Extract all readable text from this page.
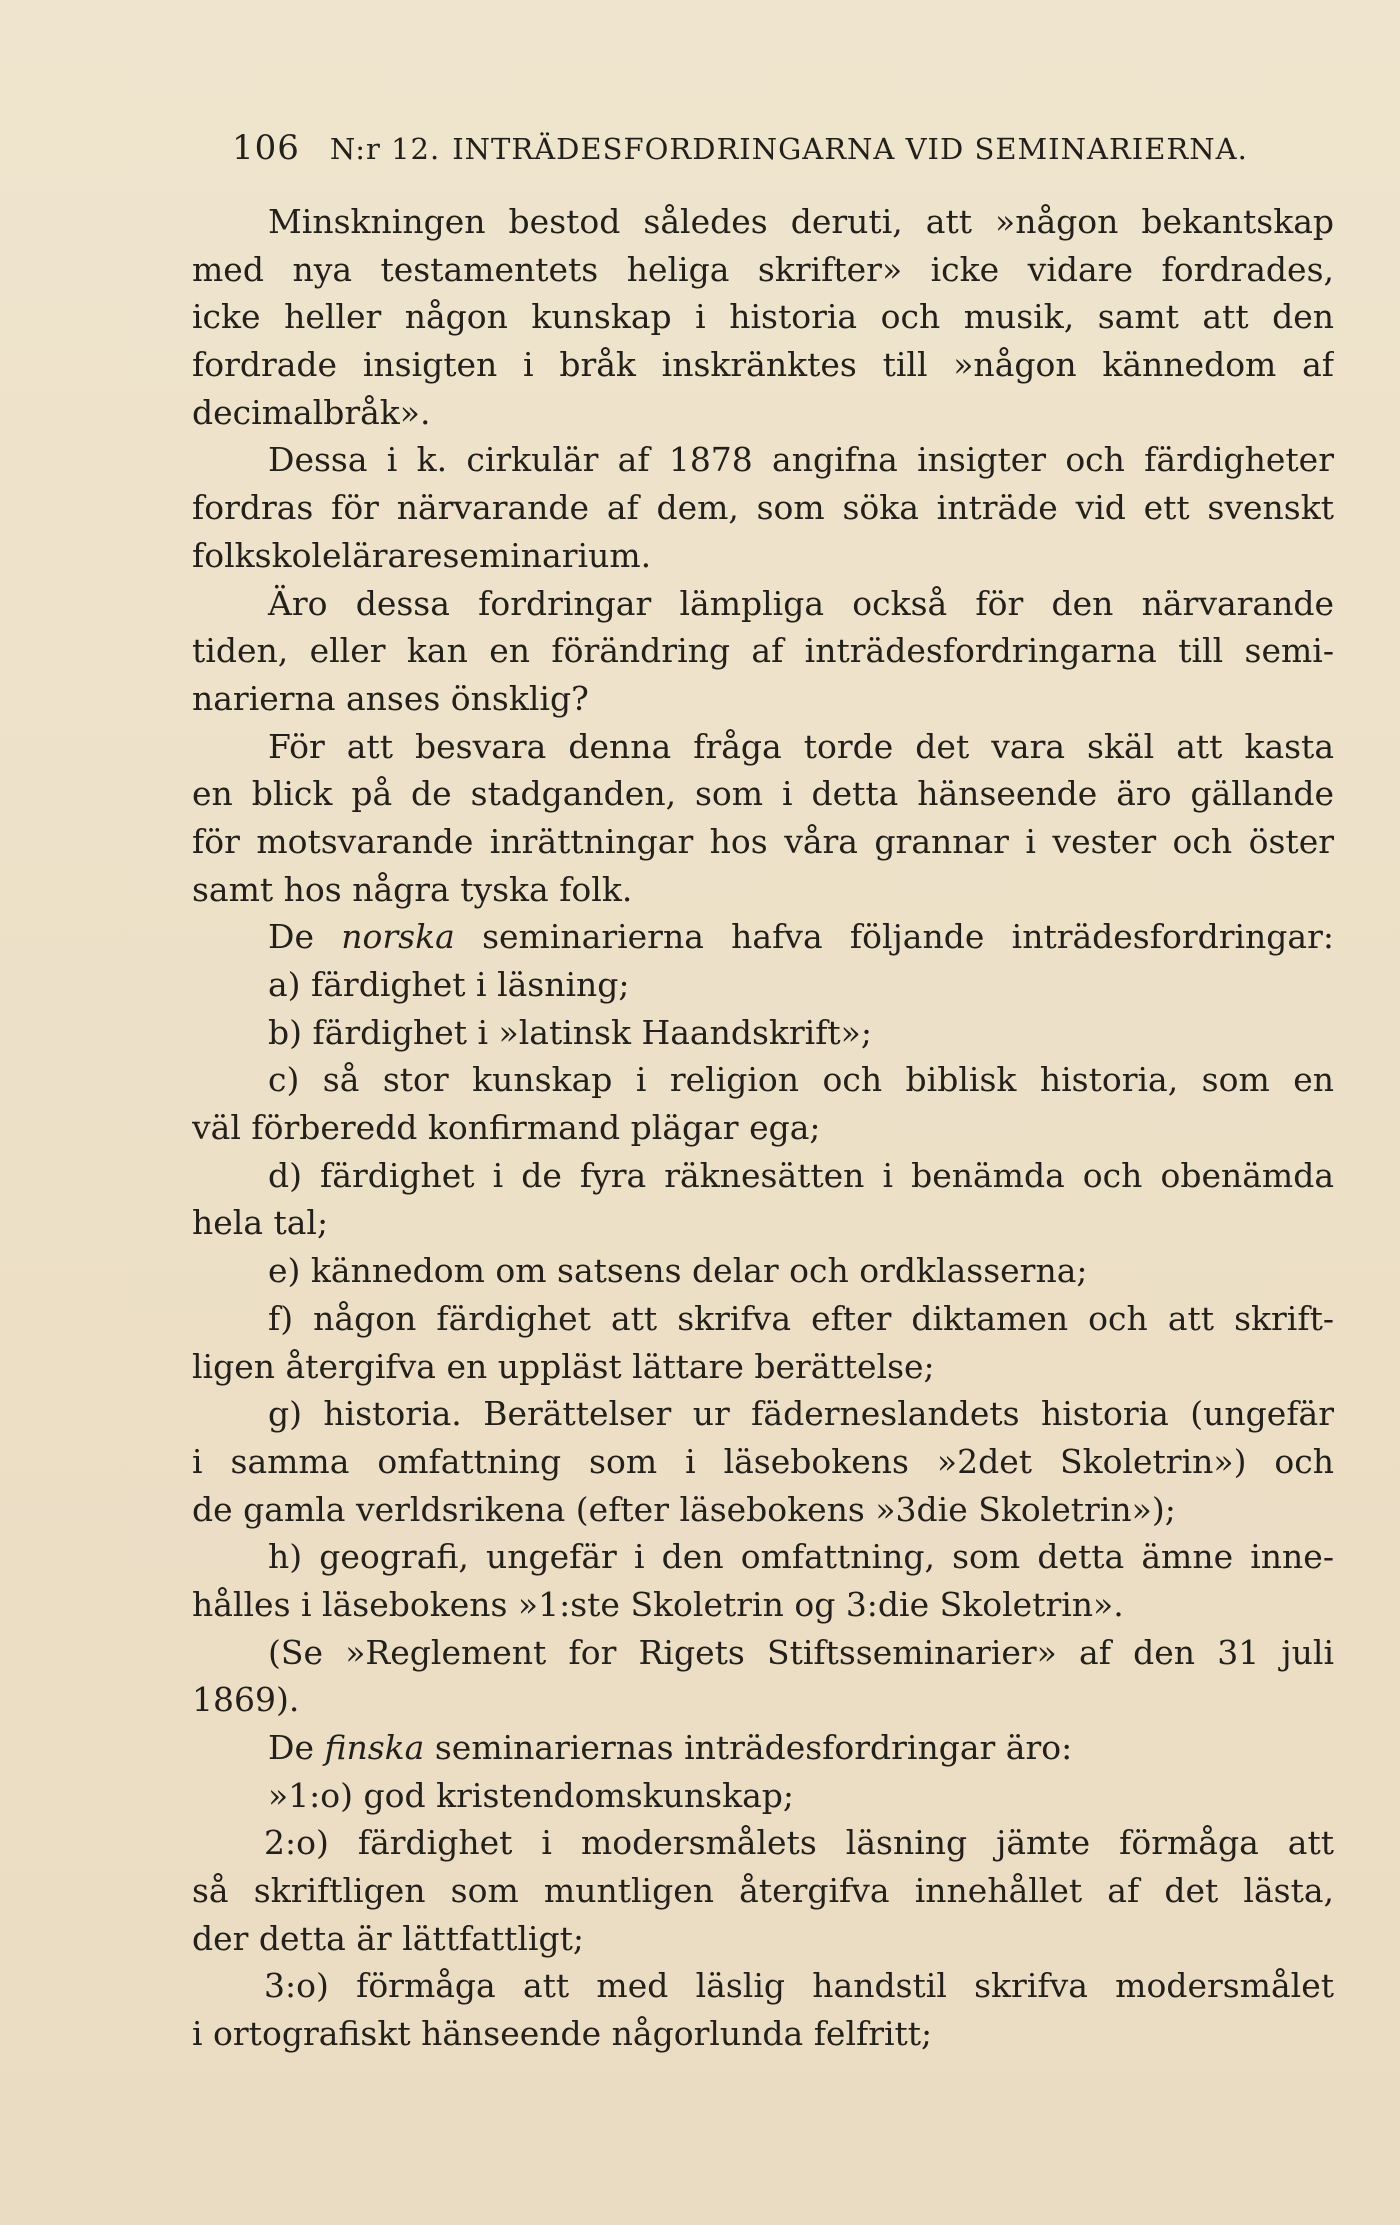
106 N:r 12. INTRÄDESFORDRINGARNA VID SEMINARIERNA.
Minskningen bestod således deruti, att »någon bekantskap
med nya testamentets heliga skrifter» icke vidare fordrades,
icke heller någon kunskap i historia och musik, samt att den
fordrade insigten i bråk inskränktes till »någon kännedom af
decimalbråk».
Dessa i k. cirkulär af 1878 angifna insigter och färdigheter
fordras för närvarande af dem, som söka inträde vid ett svenskt
folkskolelärareseminarium.
Äro dessa fordringar lämpliga också för den närvarande
tiden, eller kan en förändring af inträdesfordringarna till semi-
narierna anses önsklig?
För att besvara denna fråga torde det vara skäl att kasta
en blick på de stadganden, som i detta hänseende äro gällande
för motsvarande inrättningar hos våra grannar i vester och öster
samt hos några tyska folk.
De norska seminarierna hafva följande inträdesfordringar:
a) färdighet i läsning;
b) färdighet i »latinsk Haandskrift»;
c) så stor kunskap i religion och biblisk historia, som en
väl förberedd konfirmand plägar ega;
d) färdighet i de fyra räknesätten i benämda och obenämda
hela tal;
e) kännedom om satsens delar och ordklasserna;
f) någon färdighet att skrifva efter diktamen och att skrift-
ligen återgifva en uppläst lättare berättelse;
g) historia. Berättelser ur fäderneslandets historia (ungefär
i samma omfattning som i läsebokens »2det Skoletrin») och
de gamla verldsrikena (efter läsebokens »3die Skoletrin»);
h) geografi, ungefär i den omfattning, som detta ämne inne-
hålles i läsebokens »1:ste Skoletrin og 3:die Skoletrin».
(Se »Reglement for Rigets Stiftsseminarier» af den 31 juli
1869).
De finska seminariernas inträdesfordringar äro:
»1:o) god kristendomskunskap;
2:o) färdighet i modersmålets läsning jämte förmåga att
så skriftligen som muntligen återgifva innehållet af det lästa,
der detta är lättfattligt;
3:o) förmåga att med läslig handstil skrifva modersmålet
i ortografiskt hänseende någorlunda felfritt;
